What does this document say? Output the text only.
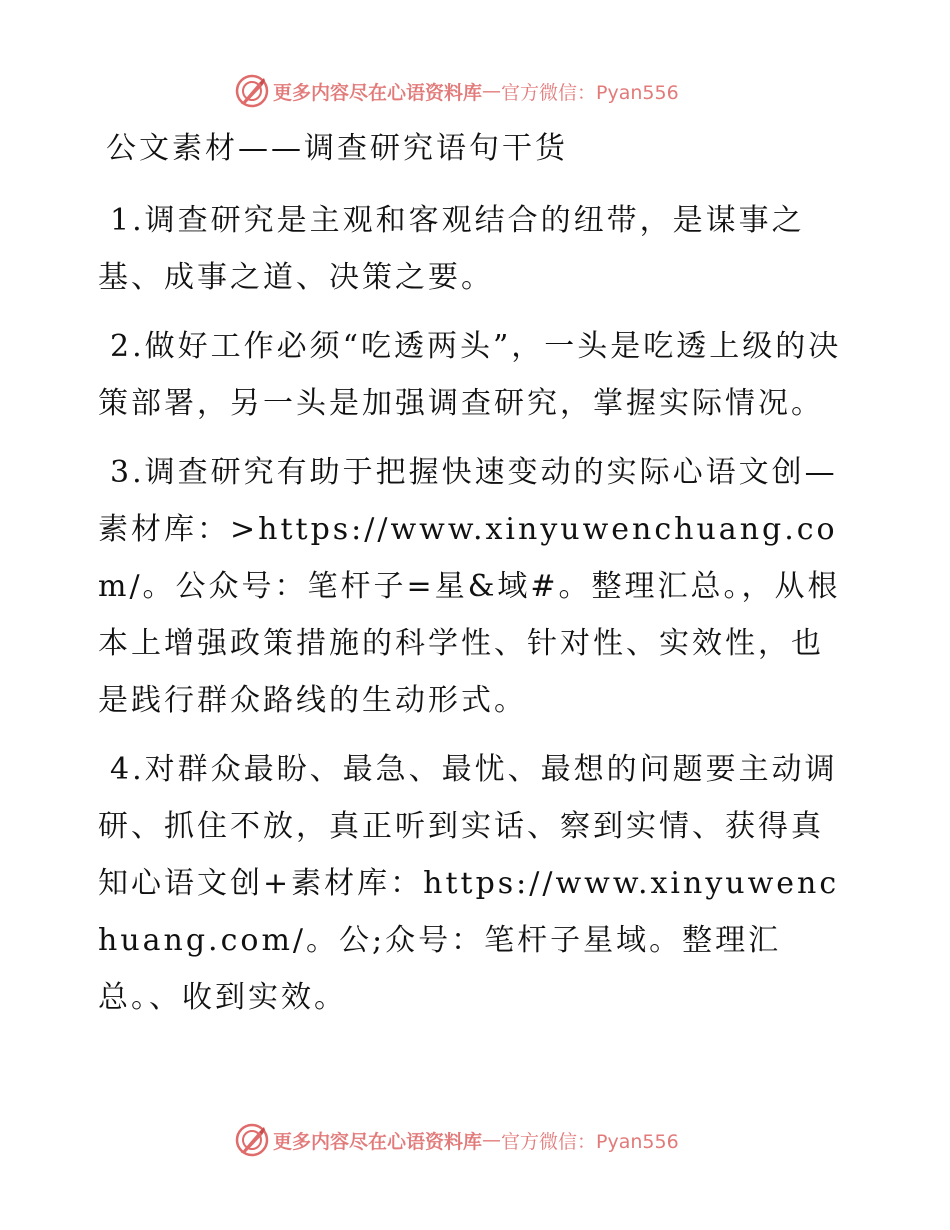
更多内容尽在心语资料库 — 官方微信：Pyan556
公文素材——调查研究语句干货

1.调查研究是主观和客观结合的纽带，是谋事之基、成事之道、决策之要。

2.做好工作必须“吃透两头”，一头是吃透上级的决策部署，另一头是加强调查研究，掌握实际情况。

3.调查研究有助于把握快速变动的实际心语文创—素材库：>https://www.xinyuwenchuang.com/。公众号：笔杆子=星&域#。整理汇总。，从根本上增强政策措施的科学性、针对性、实效性，也是践行群众路线的生动形式。

4.对群众最盼、最急、最忧、最想的问题要主动调研、抓住不放，真正听到实话、察到实情、获得真知心语文创+素材库：https://www.xinyuwenchuang.com/。公;众号：笔杆子星域。整理汇总。、收到实效。

更多内容尽在心语资料库 — 官方微信：Pyan556
